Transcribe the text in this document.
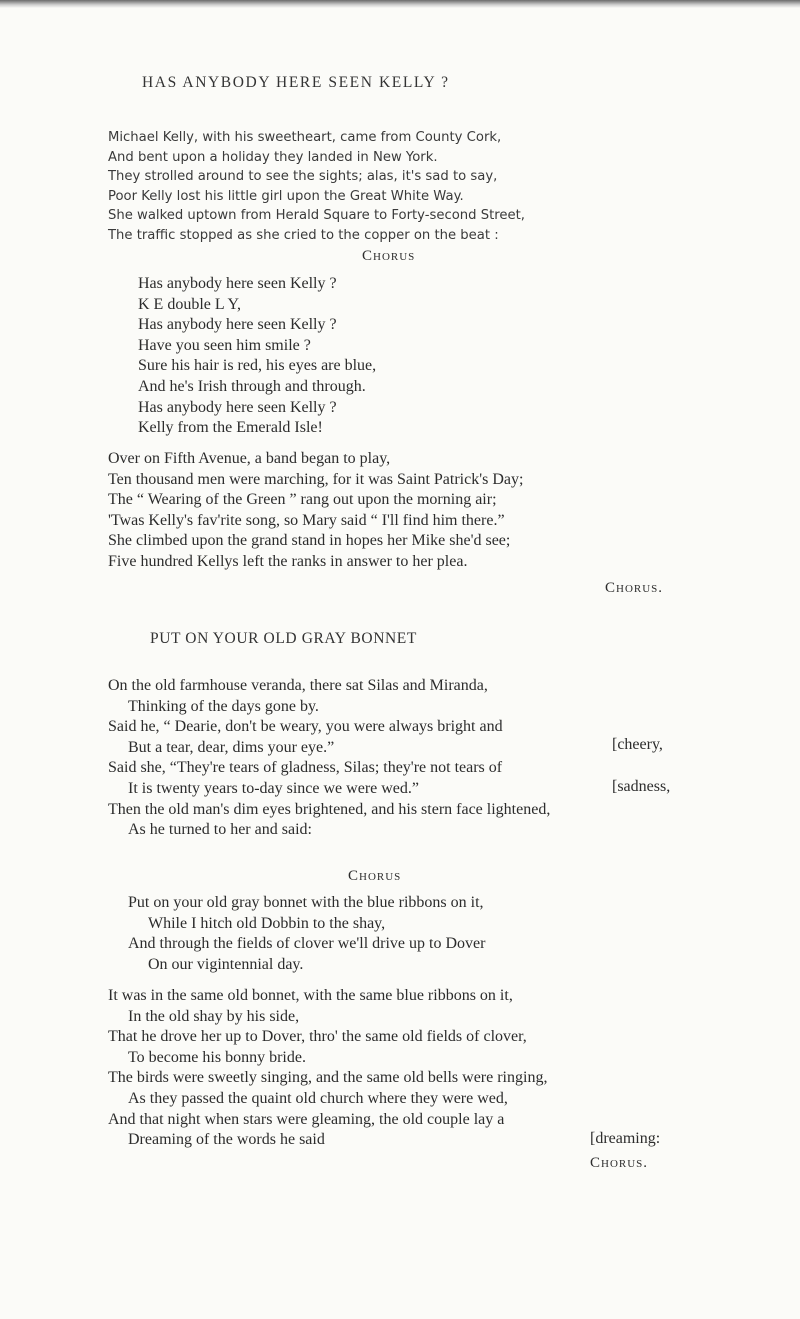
HAS ANYBODY HERE SEEN KELLY ?
Michael Kelly, with his sweetheart, came from County Cork,
And bent upon a holiday they landed in New York.
They strolled around to see the sights; alas, it's sad to say,
Poor Kelly lost his little girl upon the Great White Way.
She walked uptown from Herald Square to Forty-second Street,
The traffic stopped as she cried to the copper on the beat :
Chorus
Has anybody here seen Kelly ?
K E double L Y,
Has anybody here seen Kelly ?
Have you seen him smile ?
Sure his hair is red, his eyes are blue,
And he's Irish through and through.
Has anybody here seen Kelly ?
Kelly from the Emerald Isle!
Over on Fifth Avenue, a band began to play,
Ten thousand men were marching, for it was Saint Patrick's Day;
The “ Wearing of the Green ” rang out upon the morning air;
'Twas Kelly's fav'rite song, so Mary said “ I'll find him there.”
She climbed upon the grand stand in hopes her Mike she'd see;
Five hundred Kellys left the ranks in answer to her plea.
Chorus.
PUT ON YOUR OLD GRAY BONNET
On the old farmhouse veranda, there sat Silas and Miranda,
Thinking of the days gone by.
Said he, “ Dearie, don't be weary, you were always bright and
But a tear, dear, dims your eye.”
Said she, “They're tears of gladness, Silas; they're not tears of
It is twenty years to-day since we were wed.”
Then the old man's dim eyes brightened, and his stern face lightened,
As he turned to her and said:
[cheery,
[sadness,
Chorus
Put on your old gray bonnet with the blue ribbons on it,
While I hitch old Dobbin to the shay,
And through the fields of clover we'll drive up to Dover
On our vigintennial day.
It was in the same old bonnet, with the same blue ribbons on it,
In the old shay by his side,
That he drove her up to Dover, thro' the same old fields of clover,
To become his bonny bride.
The birds were sweetly singing, and the same old bells were ringing,
As they passed the quaint old church where they were wed,
And that night when stars were gleaming, the old couple lay a
Dreaming of the words he said	[dreaming:
Chorus.
